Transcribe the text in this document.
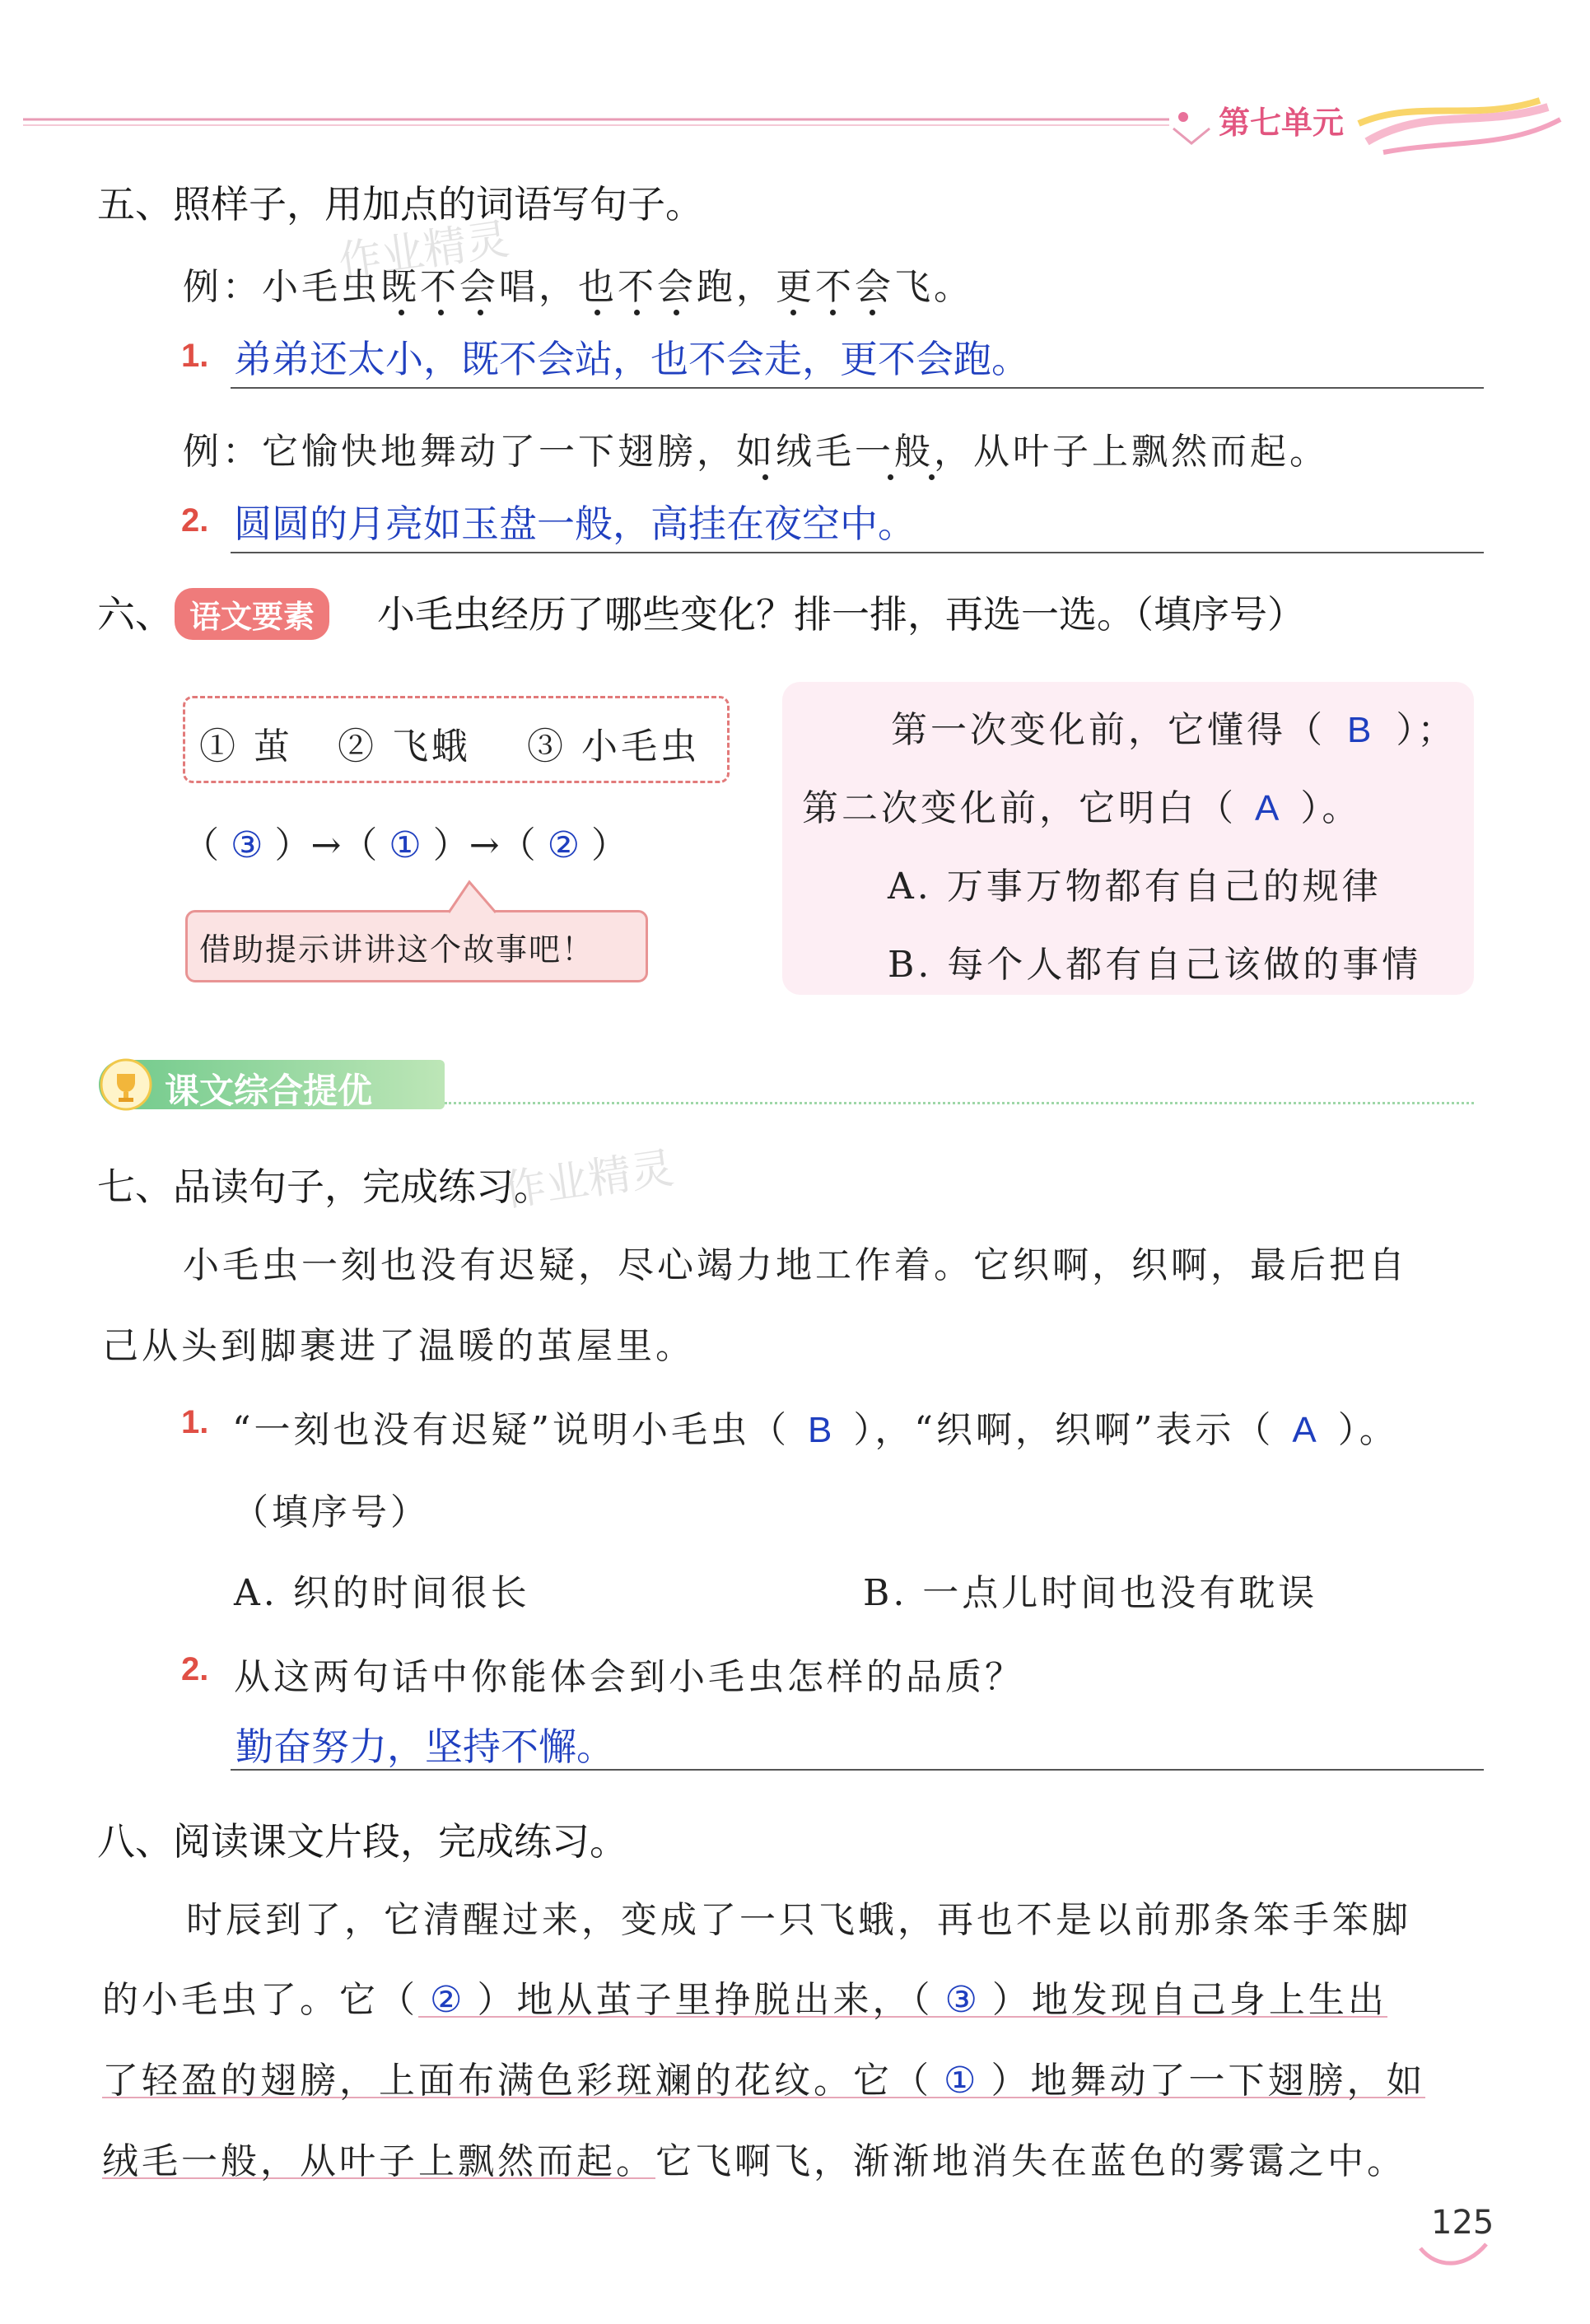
第七单元
作业精灵
作业精灵
五、照样子，用加点的词语写句子。
例：小毛虫既不会唱，也不会跑，更不会飞。
1. 弟弟还太小，既不会站，也不会走，更不会跑。
例：它愉快地舞动了一下翅膀，如绒毛一般，从叶子上飘然而起。
2. 圆圆的月亮如玉盘一般，高挂在夜空中。
六、 语文要素	小毛虫经历了哪些变化？排一排，再选一选。（填序号）
① 茧 ② 飞蛾 ③ 小毛虫
（ ③ ）→（ ① ）→（ ② ）
借助提示讲讲这个故事吧！
第一次变化前，它懂得（ B ）；
第二次变化前，它明白（ A ）。
A. 万事万物都有自己的规律
B. 每个人都有自己该做的事情
课文综合提优
七、品读句子，完成练习。
小毛虫一刻也没有迟疑，尽心竭力地工作着。它织啊，织啊，最后把自
己从头到脚裹进了温暖的茧屋里。
1. “一刻也没有迟疑”说明小毛虫（ B ），“织啊，织啊”表示（ A ）。
（填序号）
A. 织的时间很长	B. 一点儿时间也没有耽误
2. 从这两句话中你能体会到小毛虫怎样的品质？
勤奋努力，坚持不懈。
八、阅读课文片段，完成练习。
时辰到了，它清醒过来，变成了一只飞蛾，再也不是以前那条笨手笨脚
的小毛虫了。它（ ② ）地从茧子里挣脱出来，（ ③ ）地发现自己身上生出
了轻盈的翅膀，上面布满色彩斑斓的花纹。它（ ① ）地舞动了一下翅膀，如
绒毛一般，从叶子上飘然而起。它飞啊飞，渐渐地消失在蓝色的雾霭之中。
125
